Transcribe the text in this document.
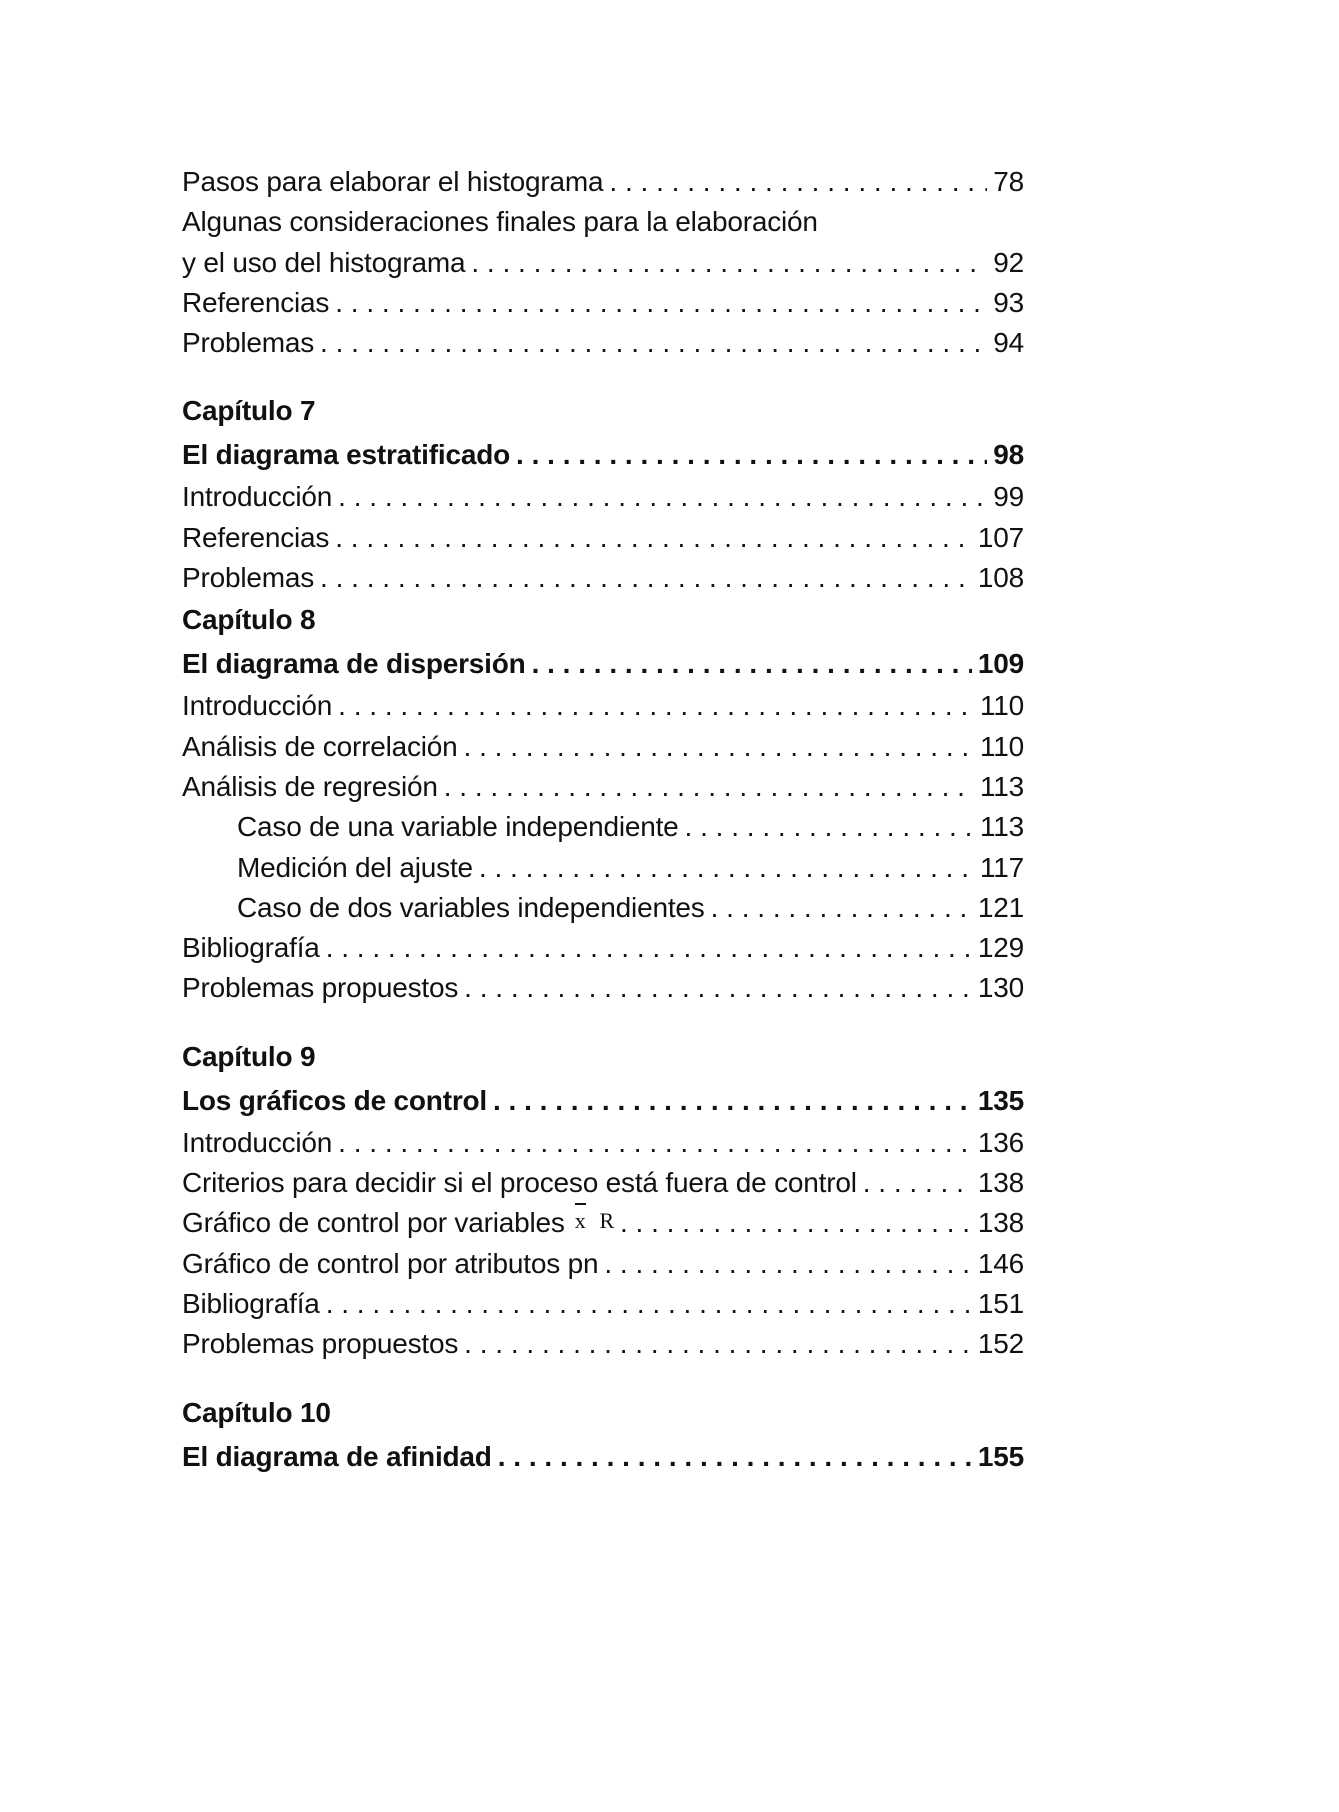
Pasos para elaborar el histograma . . .	78
Algunas consideraciones finales para la elaboración
y el uso del histograma . . .	92
Referencias . . .	93
Problemas . . .	94
Capítulo 7
El diagrama estratificado . . .	98
Introducción . . .	99
Referencias . . .	107
Problemas . . .	108
Capítulo 8
El diagrama de dispersión . . .	109
Introducción . . .	110
Análisis de correlación . . .	110
Análisis de regresión . . .	113
Caso de una variable independiente . . .	113
Medición del ajuste . . .	117
Caso de dos variables independientes . . .	121
Bibliografía . . .	129
Problemas propuestos . . .	130
Capítulo 9
Los gráficos de control . . .	135
Introducción . . .	136
Criterios para decidir si el proceso está fuera de control . . .	138
Gráfico de control por variables x R . . .	138
Gráfico de control por atributos pn . . .	146
Bibliografía . . .	151
Problemas propuestos . . .	152
Capítulo 10
El diagrama de afinidad . . .	155
